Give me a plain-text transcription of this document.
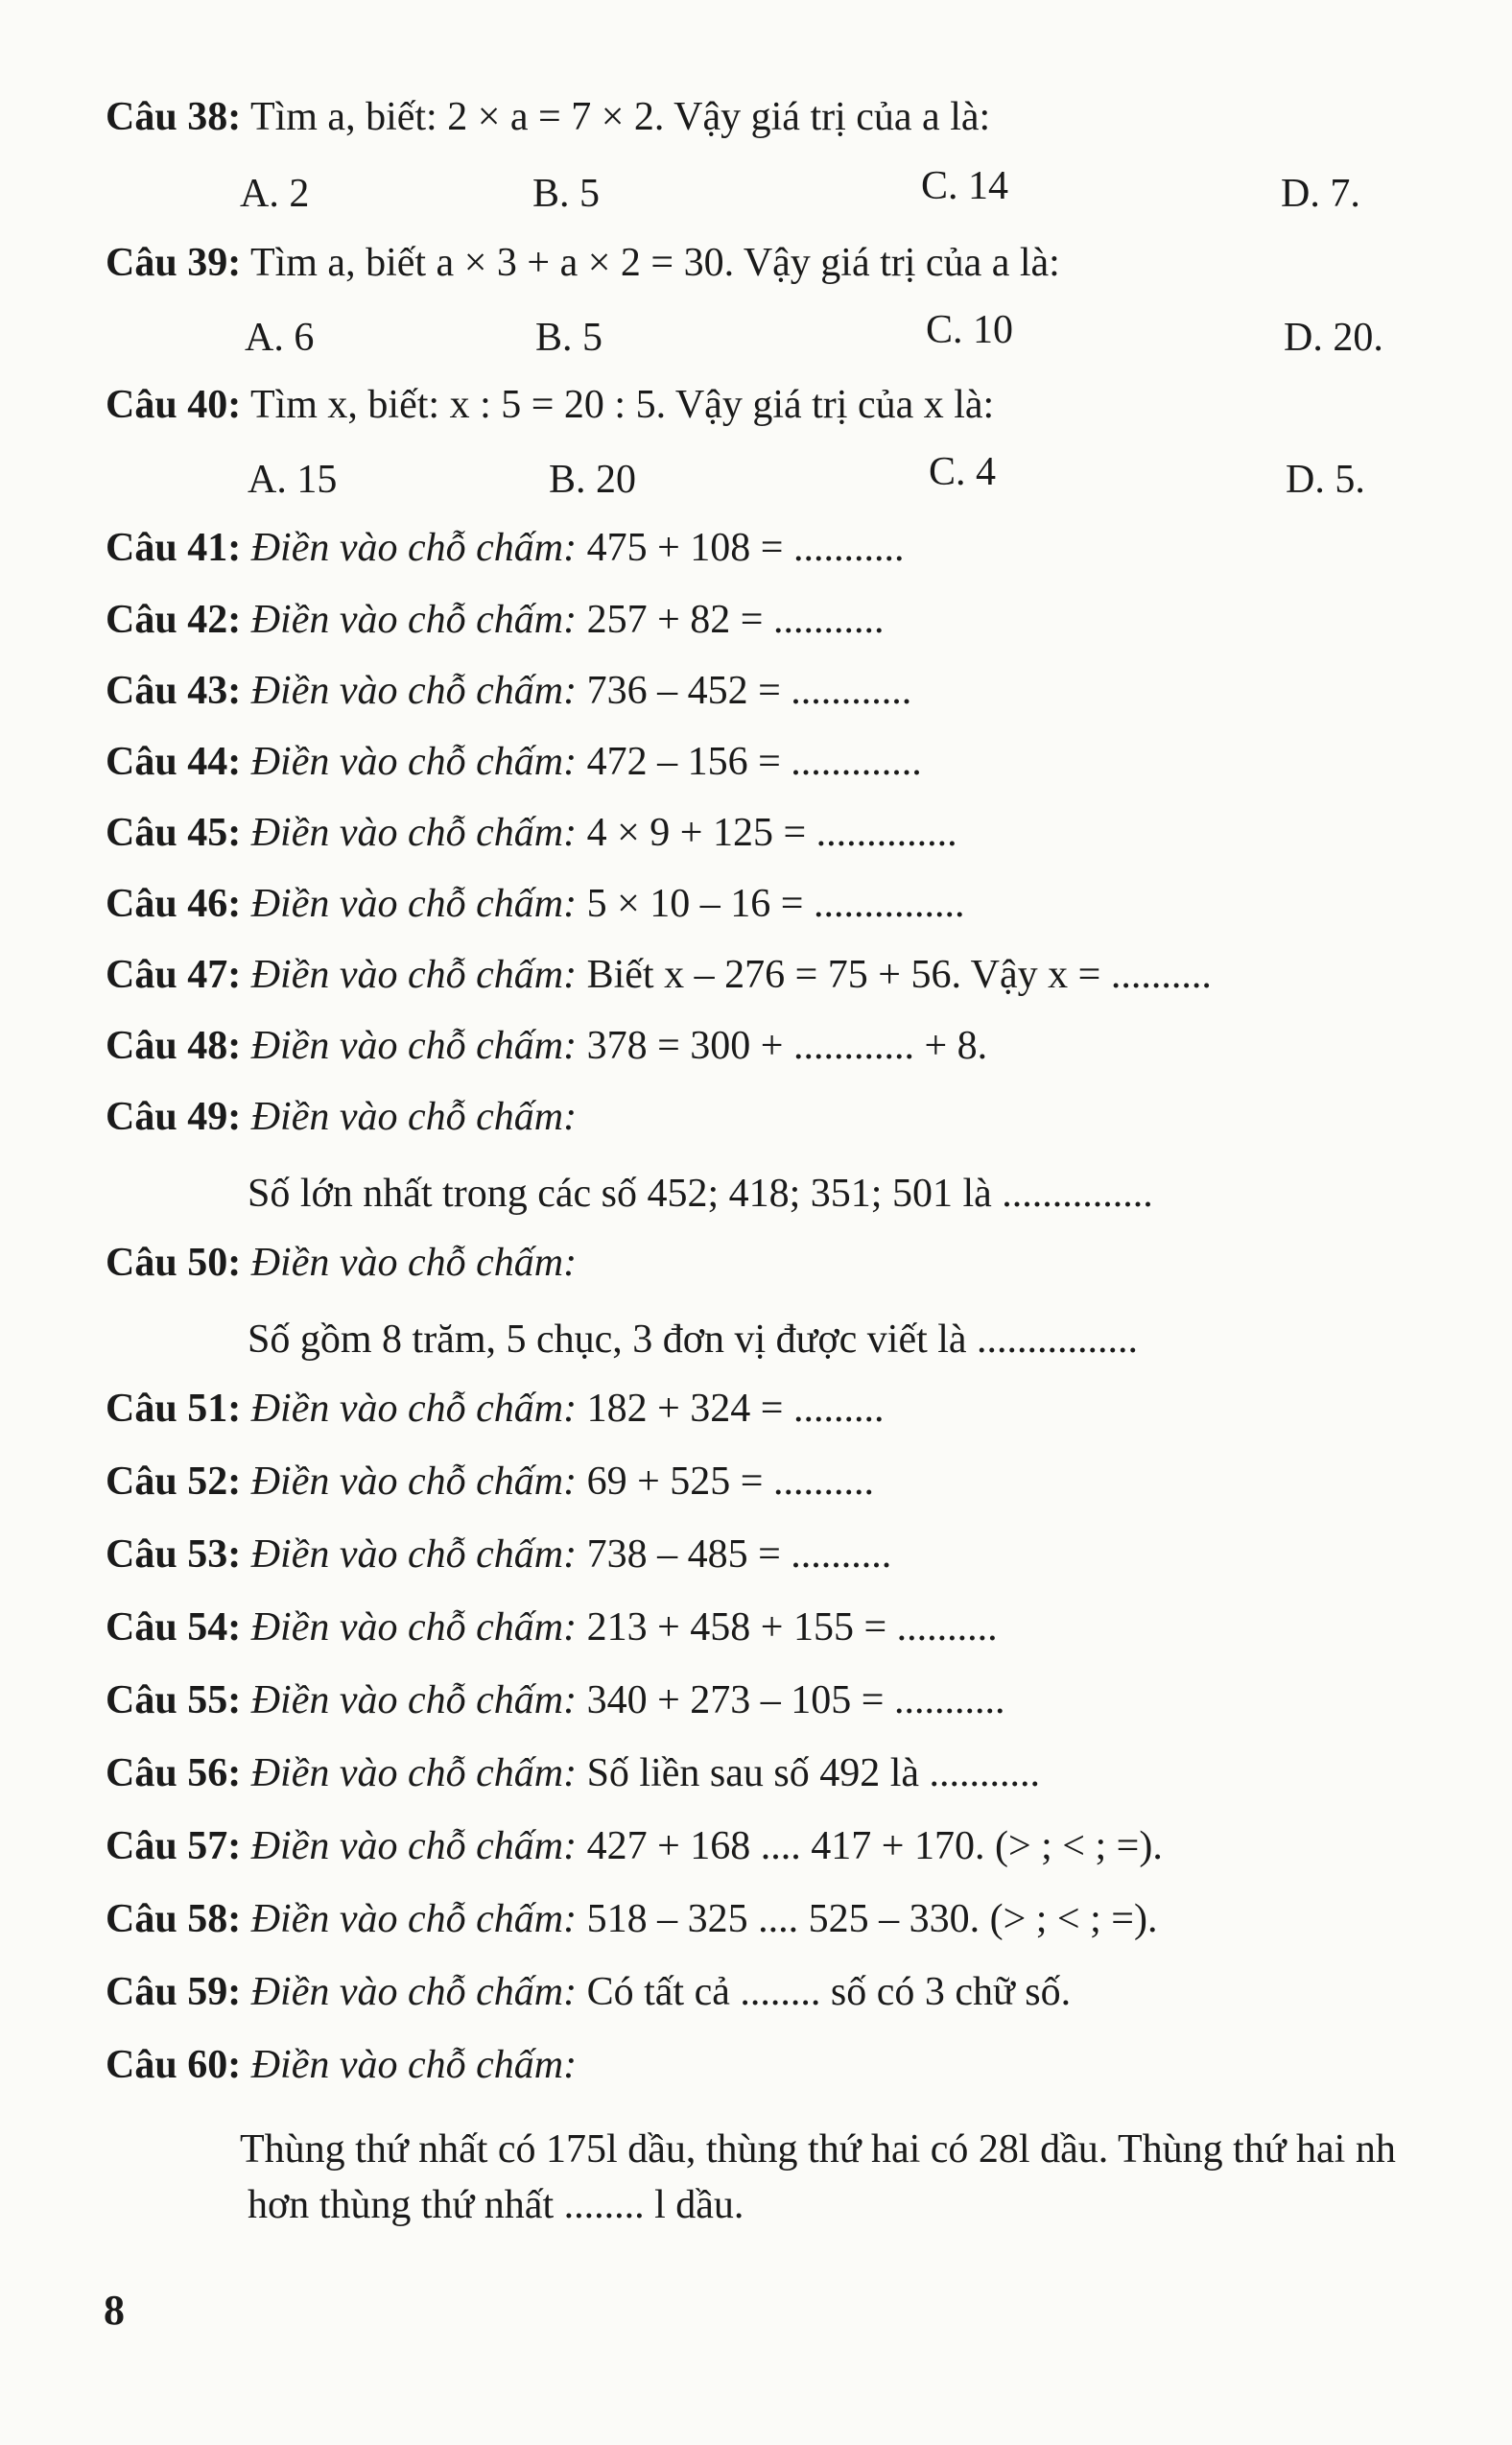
Câu 38: Tìm a, biết: 2 × a = 7 × 2. Vậy giá trị của a là:
A. 2	B. 5	C. 14	D. 7.
Câu 39: Tìm a, biết a × 3 + a × 2 = 30. Vậy giá trị của a là:
A. 6	B. 5	C. 10	D. 20.
Câu 40: Tìm x, biết: x : 5 = 20 : 5. Vậy giá trị của x là:
A. 15	B. 20	C. 4	D. 5.
Câu 41: Điền vào chỗ chấm: 475 + 108 = ...........
Câu 42: Điền vào chỗ chấm: 257 + 82 = ...........
Câu 43: Điền vào chỗ chấm: 736 – 452 = ............
Câu 44: Điền vào chỗ chấm: 472 – 156 = .............
Câu 45: Điền vào chỗ chấm: 4 × 9 + 125 = ..............
Câu 46: Điền vào chỗ chấm: 5 × 10 – 16 = ...............
Câu 47: Điền vào chỗ chấm: Biết x – 276 = 75 + 56. Vậy x = ..........
Câu 48: Điền vào chỗ chấm: 378 = 300 + ............ + 8.
Câu 49: Điền vào chỗ chấm:
Số lớn nhất trong các số 452; 418; 351; 501 là ...............
Câu 50: Điền vào chỗ chấm:
Số gồm 8 trăm, 5 chục, 3 đơn vị được viết là ................
Câu 51: Điền vào chỗ chấm: 182 + 324 = .........
Câu 52: Điền vào chỗ chấm: 69 + 525 = ..........
Câu 53: Điền vào chỗ chấm: 738 – 485 = ..........
Câu 54: Điền vào chỗ chấm: 213 + 458 + 155 = ..........
Câu 55: Điền vào chỗ chấm: 340 + 273 – 105 = ...........
Câu 56: Điền vào chỗ chấm: Số liền sau số 492 là ...........
Câu 57: Điền vào chỗ chấm: 427 + 168 .... 417 + 170. (> ; < ; =).
Câu 58: Điền vào chỗ chấm: 518 – 325 .... 525 – 330. (> ; < ; =).
Câu 59: Điền vào chỗ chấm: Có tất cả ........ số có 3 chữ số.
Câu 60: Điền vào chỗ chấm:
Thùng thứ nhất có 175l dầu, thùng thứ hai có 28l dầu. Thùng thứ hai nh
hơn thùng thứ nhất ........ l dầu.
8
